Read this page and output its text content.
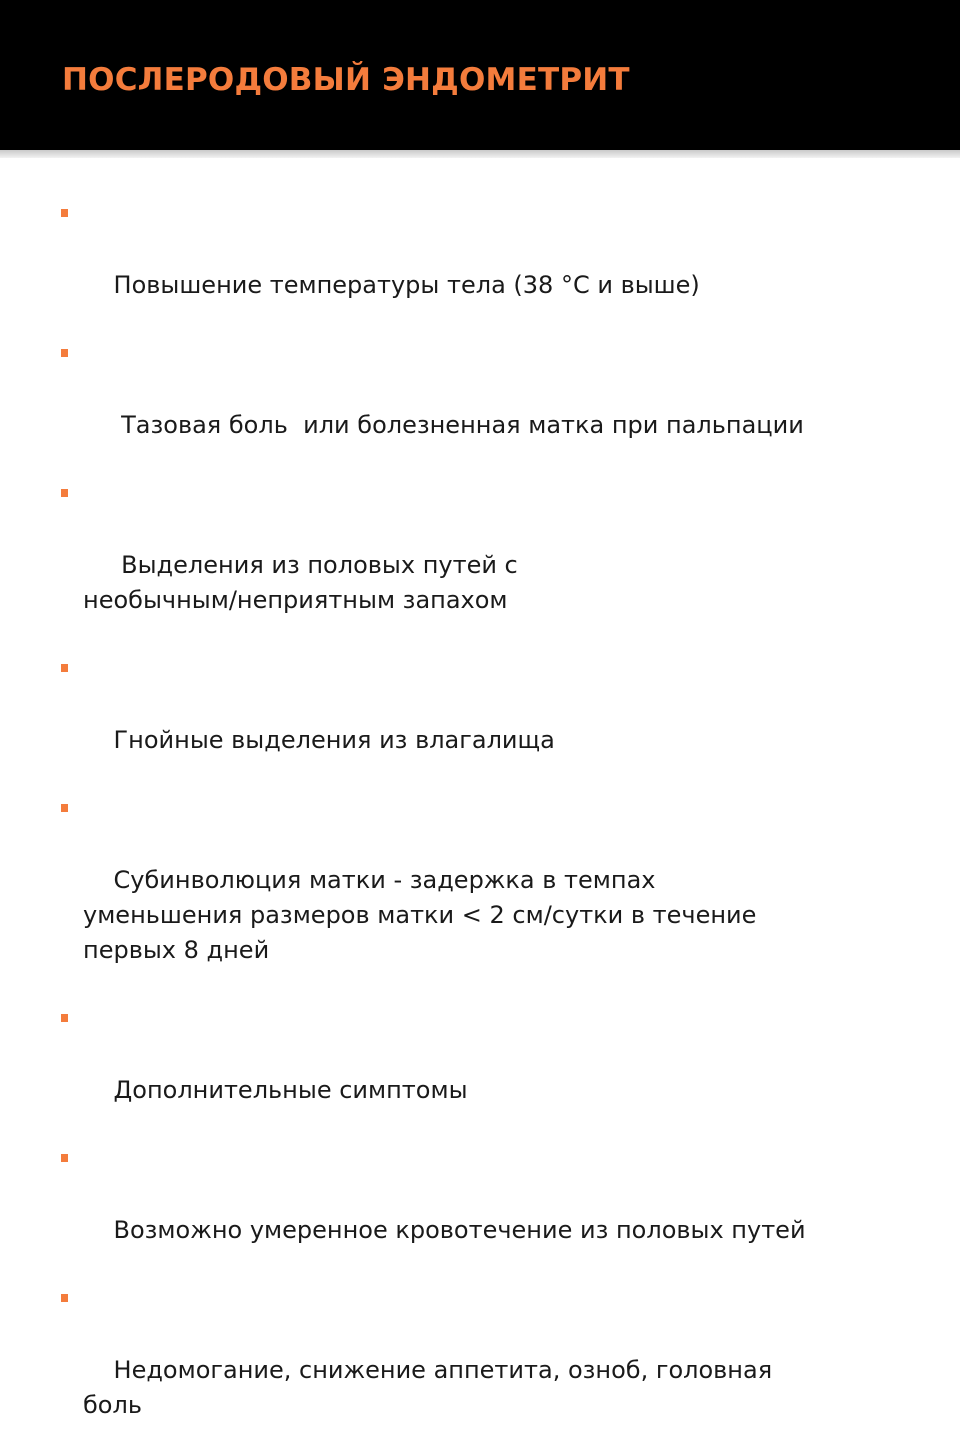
ПОСЛЕРОДОВЫЙ ЭНДОМЕТРИТ

Повышение температуры тела (38 °С и выше)

Тазовая боль  или болезненная матка при пальпации

Выделения из половых путей с
необычным/неприятным запахом

Гнойные выделения из влагалища

Субинволюция матки - задержка в темпах
уменьшения размеров матки < 2 см/сутки в течение
первых 8 дней

Дополнительные симптомы

Возможно умеренное кровотечение из половых путей

Недомогание, снижение аппетита, озноб, головная
боль
